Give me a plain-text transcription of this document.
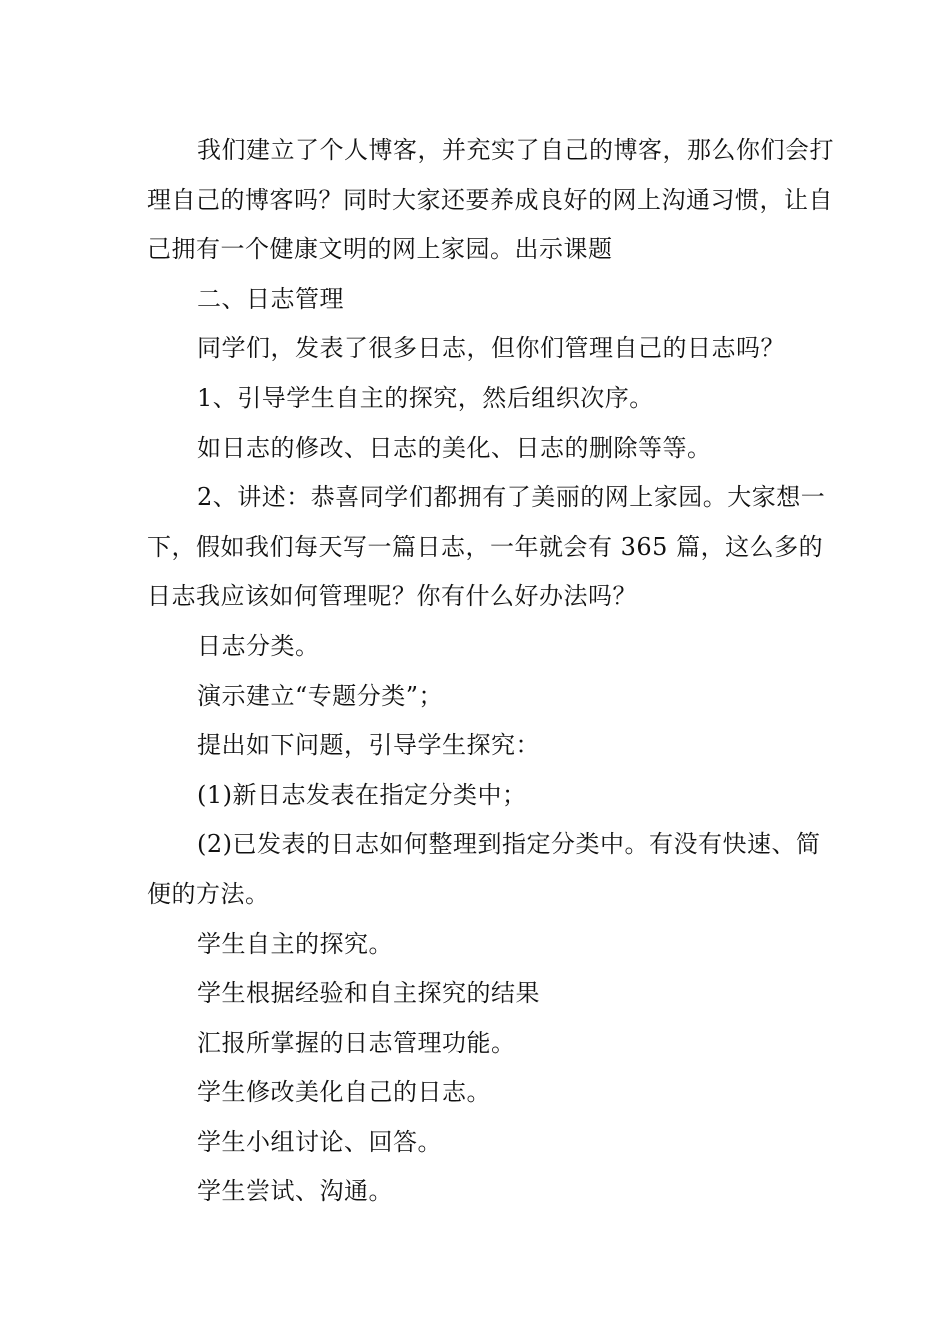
我们建立了个人博客，并充实了自己的博客，那么你们会打理自己的博客吗？同时大家还要养成良好的网上沟通习惯，让自己拥有一个健康文明的网上家园。出示课题

二、日志管理

同学们，发表了很多日志，但你们管理自己的日志吗？

1、引导学生自主的探究，然后组织次序。

如日志的修改、日志的美化、日志的删除等等。

2、讲述：恭喜同学们都拥有了美丽的网上家园。大家想一下，假如我们每天写一篇日志，一年就会有 365 篇，这么多的日志我应该如何管理呢？你有什么好办法吗？

日志分类。

演示建立“专题分类”；

提出如下问题，引导学生探究：

(1)新日志发表在指定分类中；

(2)已发表的日志如何整理到指定分类中。有没有快速、简便的方法。

学生自主的探究。

学生根据经验和自主探究的结果

汇报所掌握的日志管理功能。

学生修改美化自己的日志。

学生小组讨论、回答。

学生尝试、沟通。
